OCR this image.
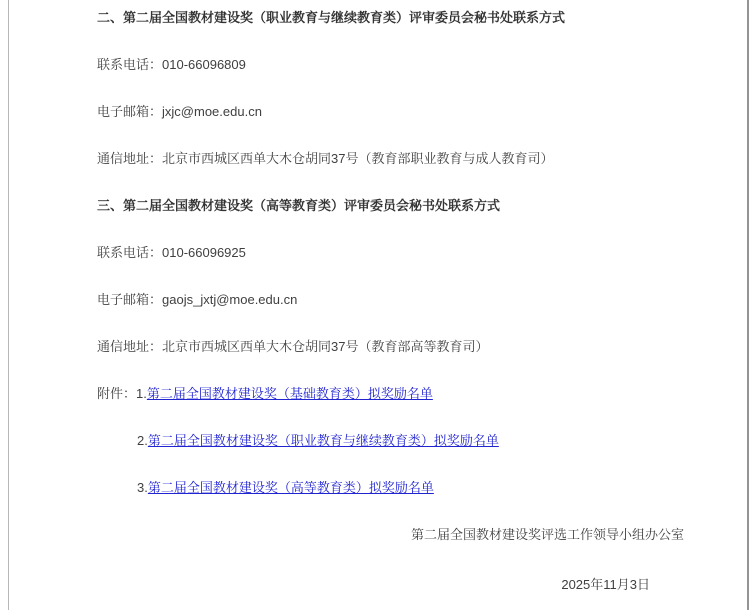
二、第二届全国教材建设奖（职业教育与继续教育类）评审委员会秘书处联系方式

联系电话：010-66096809

电子邮箱：jxjc@moe.edu.cn

通信地址：北京市西城区西单大木仓胡同37号（教育部职业教育与成人教育司）

三、第二届全国教材建设奖（高等教育类）评审委员会秘书处联系方式

联系电话：010-66096925

电子邮箱：gaojs_jxtj@moe.edu.cn

通信地址：北京市西城区西单大木仓胡同37号（教育部高等教育司）

附件：1.第二届全国教材建设奖（基础教育类）拟奖励名单

2.第二届全国教材建设奖（职业教育与继续教育类）拟奖励名单

3.第二届全国教材建设奖（高等教育类）拟奖励名单

第二届全国教材建设奖评选工作领导小组办公室

2025年11月3日
